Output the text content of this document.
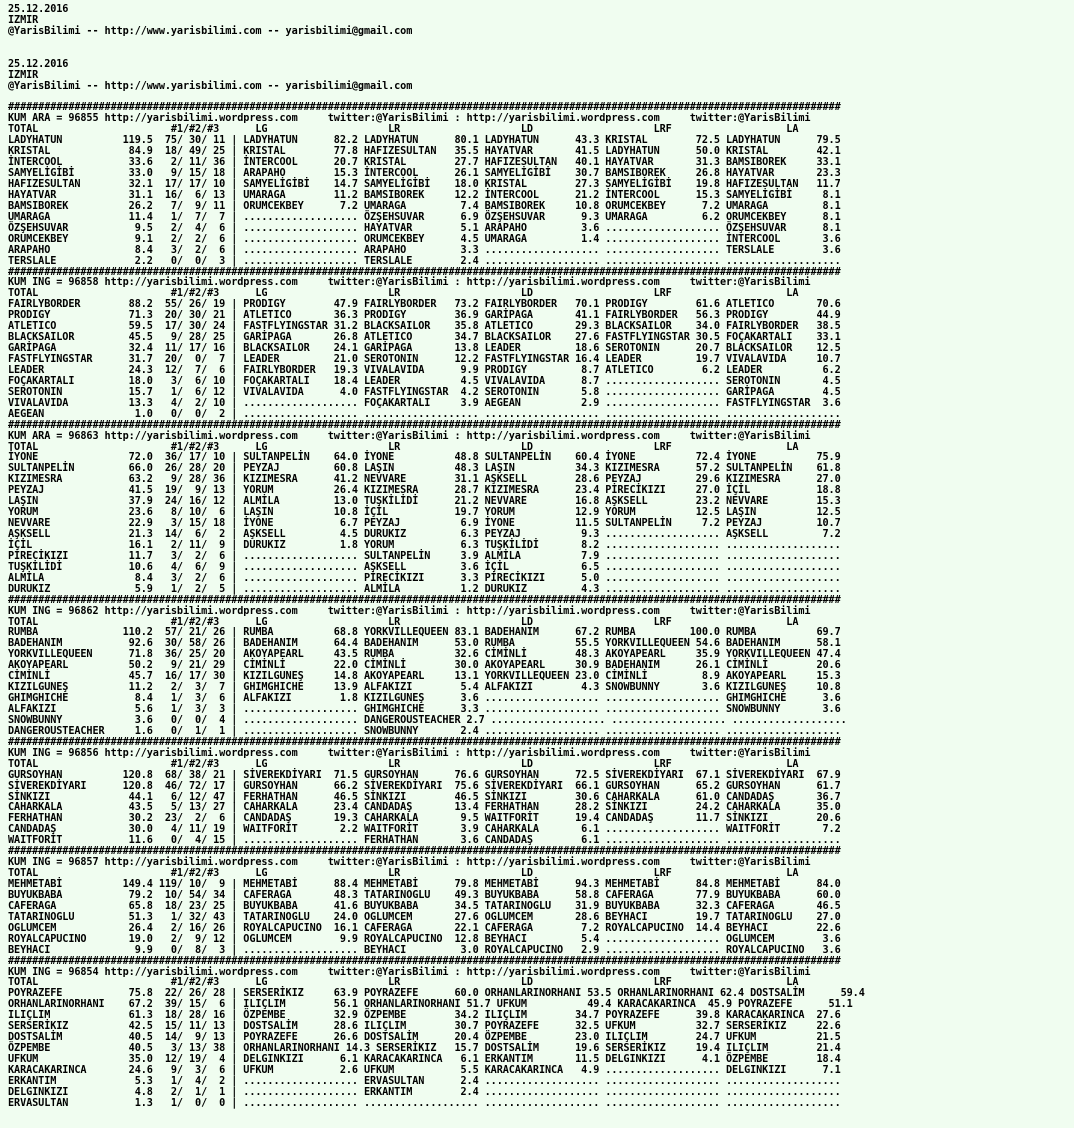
25.12.2016
IZMIR
@YarisBilimi -- http://www.yarisbilimi.com -- yarisbilimi@gmail.com

25.12.2016
IZMIR
@YarisBilimi -- http://www.yarisbilimi.com -- yarisbilimi@gmail.com

##########################################################################################################################################
KUM ARA = 96855 http://yarisbilimi.wordpress.com     twitter:@YarisBilimi : http://yarisbilimi.wordpress.com     twitter:@YarisBilimi
TOTAL                      #1/#2/#3      LG                    LR                    LD                    LRF                   LA
LADYHATUN          119.5  75/ 30/ 11 | LADYHATUN      82.2 LADYHATUN      80.1 LADYHATUN      43.3 KRISTAL        72.5 LADYHATUN      79.5
KRISTAL             84.9  18/ 49/ 25 | KRISTAL        77.8 HAFIZESULTAN   35.5 HAYATVAR       41.5 LADYHATUN      50.0 KRISTAL        42.1
İNTERCOOL           33.6   2/ 11/ 36 | İNTERCOOL      20.7 KRISTAL        27.7 HAFIZESULTAN   40.1 HAYATVAR       31.3 BAMSIBOREK     33.1
SAMYELİGİBİ         33.0   9/ 15/ 18 | ARAPAHO        15.3 İNTERCOOL      26.1 SAMYELİGİBİ    30.7 BAMSIBOREK     26.8 HAYATVAR       23.3
HAFIZESULTAN        32.1  17/ 17/ 10 | SAMYELİGİBİ    14.7 SAMYELİGİBİ    18.0 KRISTAL        27.3 SAMYELİGİBİ    19.8 HAFIZESULTAN   11.7
HAYATVAR            31.1  16/  6/ 13 | UMARAGA        11.2 BAMSIBOREK     12.2 İNTERCOOL      21.2 İNTERCOOL      15.3 SAMYELİGİBİ     8.1
BAMSIBOREK          26.2   7/  9/ 11 | ORUMCEKBEY      7.2 UMARAGA         7.4 BAMSIBOREK     10.8 ORUMCEKBEY      7.2 UMARAGA         8.1
UMARAGA             11.4   1/  7/  7 | ................... ÖZŞEHSUVAR      6.9 ÖZŞEHSUVAR      9.3 UMARAGA         6.2 ORUMCEKBEY      8.1
ÖZŞEHSUVAR           9.5   2/  4/  6 | ................... HAYATVAR        5.1 ARAPAHO         3.6 ................... ÖZŞEHSUVAR      8.1
ORUMCEKBEY           9.1   2/  2/  6 | ................... ORUMCEKBEY      4.5 UMARAGA         1.4 ................... İNTERCOOL       3.6
ARAPAHO              8.4   3/  2/  6 | ................... ARAPAHO         3.3 ................... ................... TERSLALE        3.6
TERSLALE             2.2   0/  0/  3 | ................... TERSLALE        2.4 ................... ................... ...................
##########################################################################################################################################
KUM ING = 96858 http://yarisbilimi.wordpress.com     twitter:@YarisBilimi : http://yarisbilimi.wordpress.com     twitter:@YarisBilimi
TOTAL                      #1/#2/#3      LG                    LR                    LD                    LRF                   LA
FAIRLYBORDER        88.2  55/ 26/ 19 | PRODIGY        47.9 FAIRLYBORDER   73.2 FAIRLYBORDER   70.1 PRODIGY        61.6 ATLETICO       70.6
PRODIGY             71.3  20/ 30/ 21 | ATLETICO       36.3 PRODIGY        36.9 GARİPAGA       41.1 FAIRLYBORDER   56.3 PRODIGY        44.9
ATLETICO            59.5  17/ 30/ 24 | FASTFLYINGSTAR 31.2 BLACKSAILOR    35.8 ATLETICO       29.3 BLACKSAILOR    34.0 FAIRLYBORDER   38.5
BLACKSAILOR         45.5   9/ 28/ 25 | GARİPAGA       26.8 ATLETICO       34.7 BLACKSAILOR    27.6 FASTFLYINGSTAR 30.5 FOÇAKARTALI    33.1
GARİPAGA            32.4  11/ 17/ 16 | BLACKSAILOR    24.1 GARİPAGA       13.8 LEADER         18.6 SEROTONIN      20.7 BLACKSAILOR    12.5
FASTFLYINGSTAR      31.7  20/  0/  7 | LEADER         21.0 SEROTONIN      12.2 FASTFLYINGSTAR 16.4 LEADER         19.7 VIVALAVIDA     10.7
LEADER              24.3  12/  7/  6 | FAIRLYBORDER   19.3 VIVALAVIDA      9.9 PRODIGY         8.7 ATLETICO        6.2 LEADER          6.2
FOÇAKARTALI         18.0   3/  6/ 10 | FOÇAKARTALI    18.4 LEADER          4.5 VIVALAVIDA      8.7 ................... SEROTONIN       4.5
SEROTONIN           15.7   1/  6/ 12 | VIVALAVIDA      4.0 FASTFLYINGSTAR  4.2 SEROTONIN       5.8 ................... GARİPAGA        4.5
VIVALAVIDA          13.3   4/  2/ 10 | ................... FOÇAKARTALI     3.9 AEGEAN          2.9 ................... FASTFLYINGSTAR  3.6
AEGEAN               1.0   0/  0/  2 | ................... ................... ................... ................... ...................
##########################################################################################################################################
KUM ARA = 96863 http://yarisbilimi.wordpress.com     twitter:@YarisBilimi : http://yarisbilimi.wordpress.com     twitter:@YarisBilimi
TOTAL                      #1/#2/#3      LG                    LR                    LD                    LRF                   LA
İYONE               72.0  36/ 17/ 10 | SULTANPELİN    64.0 İYONE          48.8 SULTANPELİN    60.4 İYONE          72.4 İYONE          75.9
SULTANPELİN         66.0  26/ 28/ 20 | PEYZAJ         60.8 LAŞIN          48.3 LAŞIN          34.3 KIZIMESRA      57.2 SULTANPELİN    61.8
KIZIMESRA           63.2   9/ 28/ 36 | KIZIMESRA      41.2 NEVVARE        31.1 AŞKSELL        28.6 PEYZAJ         29.6 KIZIMESRA      27.0
PEYZAJ              41.5  19/  9/ 13 | YORUM          26.4 KIZIMESRA      28.7 KIZIMESRA      23.4 PİRECİKIZI     27.0 İÇİL           18.8
LAŞIN               37.9  24/ 16/ 12 | ALMİLA         13.0 TUŞKİLİDİ      21.2 NEVVARE        16.8 AŞKSELL        23.2 NEVVARE        15.3
YORUM               23.6   8/ 10/  6 | LAŞIN          10.8 İÇİL           19.7 YORUM          12.9 YORUM          12.5 LAŞIN          12.5
NEVVARE             22.9   3/ 15/ 18 | İYONE           6.7 PEYZAJ          6.9 İYONE          11.5 SULTANPELİN     7.2 PEYZAJ         10.7
AŞKSELL             21.3  14/  6/  2 | AŞKSELL         4.5 DURUKIZ         6.3 PEYZAJ          9.3 ................... AŞKSELL         7.2
İÇİL                16.1   2/ 11/  9 | DURUKIZ         1.8 YORUM           6.3 TUŞKİLİDİ       8.2 ................... ...................
PİRECİKIZI          11.7   3/  2/  6 | ................... SULTANPELİN     3.9 ALMİLA          7.9 ................... ...................
TUŞKİLİDİ           10.6   4/  6/  9 | ................... AŞKSELL         3.6 İÇİL            6.5 ................... ...................
ALMİLA               8.4   3/  2/  6 | ................... PİRECİKIZI      3.3 PİRECİKIZI      5.0 ................... ...................
DURUKIZ              5.9   1/  2/  5 | ................... ALMİLA          1.2 DURUKIZ         4.3 ................... ...................
##########################################################################################################################################
KUM ING = 96862 http://yarisbilimi.wordpress.com     twitter:@YarisBilimi : http://yarisbilimi.wordpress.com     twitter:@YarisBilimi
TOTAL                      #1/#2/#3      LG                    LR                    LD                    LRF                   LA
RUMBA              110.2  57/ 21/ 26 | RUMBA          68.8 YORKVILLEQUEEN 83.1 BADEHANIM      67.2 RUMBA         100.0 RUMBA          69.7
BADEHANIM           92.6  30/ 58/ 26 | BADEHANIM      64.4 BADEHANIM      53.0 RUMBA          55.5 YORKVILLEQUEEN 54.6 BADEHANIM      58.1
YORKVILLEQUEEN      71.8  36/ 25/ 20 | AKOYAPEARL     43.5 RUMBA          32.6 CİMİNLİ        48.3 AKOYAPEARL     35.9 YORKVILLEQUEEN 47.4
AKOYAPEARL          50.2   9/ 21/ 29 | CİMİNLİ        22.0 CİMİNLİ        30.0 AKOYAPEARL     30.9 BADEHANIM      26.1 CİMİNLİ        20.6
CİMİNLİ             45.7  16/ 17/ 30 | KIZILGUNEŞ     14.8 AKOYAPEARL     13.1 YORKVILLEQUEEN 23.0 CİMİNLİ         8.9 AKOYAPEARL     15.3
KIZILGUNEŞ          11.2   2/  3/  7 | GHIMGHICHE     13.9 ALFAKIZI        5.4 ALFAKIZI        4.3 SNOWBUNNY       3.6 KIZILGUNEŞ     10.8
GHIMGHICHE           8.4   1/  3/  6 | ALFAKIZI        1.8 KIZILGUNEŞ      3.6 ................... ................... GHIMGHICHE      3.6
ALFAKIZI             5.6   1/  3/  3 | ................... GHIMGHICHE      3.3 ................... ................... SNOWBUNNY       3.6
SNOWBUNNY            3.6   0/  0/  4 | ................... DANGEROUSTEACHER 2.7 ................... ................... ...................
DANGEROUSTEACHER     1.6   0/  1/  1 | ................... SNOWBUNNY       2.4 ................... ................... ...................
##########################################################################################################################################
KUM ING = 96856 http://yarisbilimi.wordpress.com     twitter:@YarisBilimi : http://yarisbilimi.wordpress.com     twitter:@YarisBilimi
TOTAL                      #1/#2/#3      LG                    LR                    LD                    LRF                   LA
GURSOYHAN          120.8  68/ 38/ 21 | SİVEREKDİYARI  71.5 GURSOYHAN      76.6 GURSOYHAN      72.5 SİVEREKDİYARI  67.1 SİVEREKDİYARI  67.9
SİVEREKDİYARI      120.8  46/ 72/ 17 | GURSOYHAN      66.2 SİVEREKDİYARI  75.6 SİVEREKDİYARI  66.1 GURSOYHAN      65.2 GURSOYHAN      61.7
SİNKIZI             44.1   6/ 12/ 47 | FERHATHAN      46.5 SİNKIZI        46.5 SİNKIZI        30.6 CAHARKALA      61.0 CANDADAŞ       36.7
CAHARKALA           43.5   5/ 13/ 27 | CAHARKALA      23.4 CANDADAŞ       13.4 FERHATHAN      28.2 SİNKIZI        24.2 CAHARKALA      35.0
FERHATHAN           30.2  23/  2/  6 | CANDADAŞ       19.3 CAHARKALA       9.5 WAITFORİT      19.4 CANDADAŞ       11.7 SİNKIZI        20.6
CANDADAŞ            30.0   4/ 11/ 19 | WAITFORİT       2.2 WAITFORİT       3.9 CAHARKALA       6.1 ................... WAITFORİT       7.2
WAITFORİT           11.6   0/  4/ 15 | ................... FERHATHAN       3.6 CANDADAŞ        6.1 ................... ...................
##########################################################################################################################################
KUM ING = 96857 http://yarisbilimi.wordpress.com     twitter:@YarisBilimi : http://yarisbilimi.wordpress.com     twitter:@YarisBilimi
TOTAL                      #1/#2/#3      LG                    LR                    LD                    LRF                   LA
MEHMETABİ          149.4 119/ 10/  9 | MEHMETABİ      88.4 MEHMETABİ      79.8 MEHMETABİ      94.3 MEHMETABİ      84.8 MEHMETABİ      84.0
BUYUKBABA           79.2  10/ 54/ 34 | CAFERAGA       48.3 TATARINOGLU    49.3 BUYUKBABA      58.8 CAFERAGA       77.9 BUYUKBABA      60.0
CAFERAGA            65.8  18/ 23/ 25 | BUYUKBABA      41.6 BUYUKBABA      34.5 TATARINOGLU    31.9 BUYUKBABA      32.3 CAFERAGA       46.5
TATARINOGLU         51.3   1/ 32/ 43 | TATARINOGLU    24.0 OGLUMCEM       27.6 OGLUMCEM       28.6 BEYHACI        19.7 TATARINOGLU    27.0
OGLUMCEM            26.4   2/ 16/ 26 | ROYALCAPUCINO  16.1 CAFERAGA       22.1 CAFERAGA        7.2 ROYALCAPUCINO  14.4 BEYHACI        22.6
ROYALCAPUCINO       19.0   2/  9/ 12 | OGLUMCEM        9.9 ROYALCAPUCINO  12.8 BEYHACI         5.4 ................... OGLUMCEM        3.6
BEYHACI              9.9   0/  8/  3 | ................... BEYHACI         3.0 ROYALCAPUCINO   2.9 ................... ROYALCAPUCINO   3.6
##########################################################################################################################################
KUM ING = 96854 http://yarisbilimi.wordpress.com     twitter:@YarisBilimi : http://yarisbilimi.wordpress.com     twitter:@YarisBilimi
TOTAL                      #1/#2/#3      LG                    LR                    LD                    LRF                   LA
POYRAZEFE           75.8  22/ 26/ 28 | SERSERİKIZ     63.9 POYRAZEFE      60.0 ORHANLARINORHANI 53.5 ORHANLARINORHANI 62.4 DOSTSALİM      59.4
ORHANLARINORHANI    67.2  39/ 15/  6 | ILIÇLIM        56.1 ORHANLARINORHANI 51.7 UFKUM          49.4 KARACAKARINCA  45.9 POYRAZEFE      51.1
ILIÇLIM             61.3  18/ 28/ 16 | ÖZPEMBE        32.9 ÖZPEMBE        34.2 ILIÇLIM        34.7 POYRAZEFE      39.8 KARACAKARINCA  27.6
SERSERİKIZ          42.5  15/ 11/ 13 | DOSTSALİM      28.6 ILIÇLIM        30.7 POYRAZEFE      32.5 UFKUM          32.7 SERSERİKIZ     22.6
DOSTSALİM           40.5  14/  9/ 13 | POYRAZEFE      26.6 DOSTSALİM      20.4 ÖZPEMBE        23.0 ILIÇLIM        24.7 UFKUM          21.5
ÖZPEMBE             40.5   3/ 13/ 38 | ORHANLARINORHANI 14.3 SERSERİKIZ   15.7 DOSTSALİM      19.6 SERSERİKIZ     19.4 ILIÇLIM        21.4
UFKUM               35.0  12/ 19/  4 | DELGINKIZI      6.1 KARACAKARINCA   6.1 ERKANTIM       11.5 DELGINKIZI      4.1 ÖZPEMBE        18.4
KARACAKARINCA       24.6   9/  3/  6 | UFKUM           2.6 UFKUM           5.5 KARACAKARINCA   4.9 ................... DELGINKIZI      7.1
ERKANTIM             5.3   1/  4/  2 | ................... ERVASULTAN      2.4 ................... ................... ...................
DELGINKIZI           4.8   2/  1/  1 | ................... ERKANTIM        2.4 ................... ................... ...................
ERVASULTAN           1.3   1/  0/  0 | ................... ................... ................... ................... ...................
